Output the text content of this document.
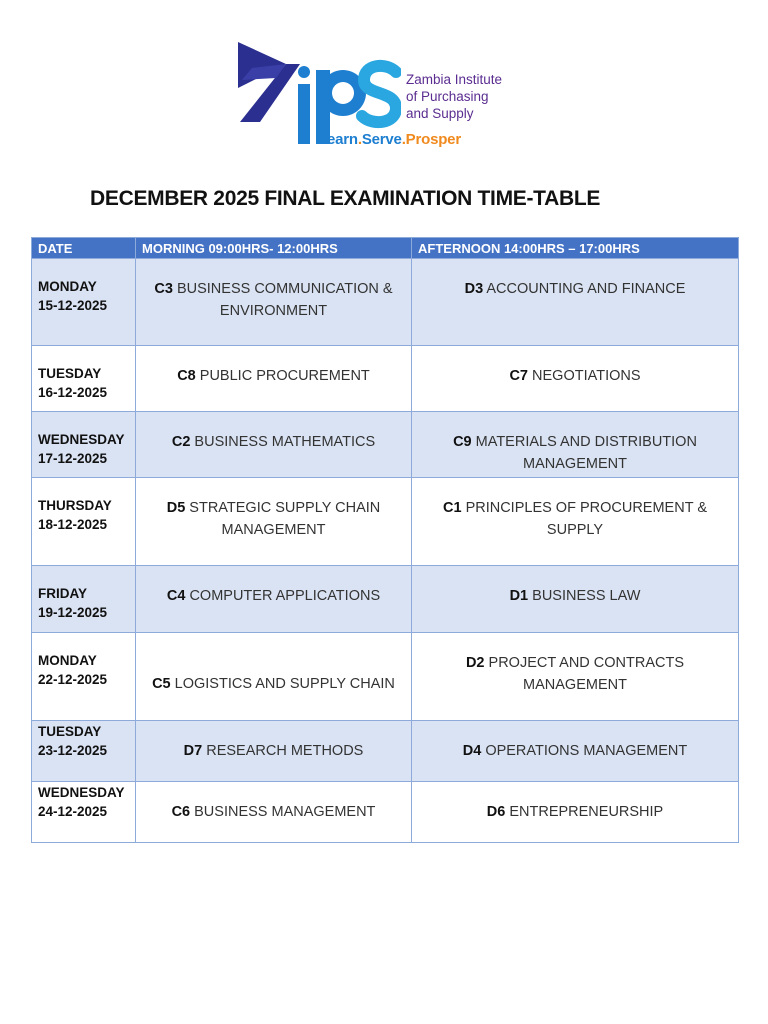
Zambia Institute
of Purchasing
and Supply
Learn.Serve.Prosper
DECEMBER 2025 FINAL EXAMINATION TIME-TABLE
DATE	MORNING 09:00HRS- 12:00HRS	AFTERNOON 14:00HRS – 17:00HRS

MONDAY
15-12-2025	C3 BUSINESS COMMUNICATION & ENVIRONMENT	D3 ACCOUNTING AND FINANCE

TUESDAY
16-12-2025	C8 PUBLIC PROCUREMENT	C7 NEGOTIATIONS

WEDNESDAY
17-12-2025	C2 BUSINESS MATHEMATICS	C9 MATERIALS AND DISTRIBUTION MANAGEMENT

THURSDAY
18-12-2025	D5 STRATEGIC SUPPLY CHAIN MANAGEMENT	C1 PRINCIPLES OF PROCUREMENT & SUPPLY

FRIDAY
19-12-2025	C4 COMPUTER APPLICATIONS	D1 BUSINESS LAW

MONDAY
22-12-2025	C5 LOGISTICS AND SUPPLY CHAIN	D2 PROJECT AND CONTRACTS MANAGEMENT

TUESDAY
23-12-2025	D7 RESEARCH METHODS	D4 OPERATIONS MANAGEMENT

WEDNESDAY
24-12-2025	C6 BUSINESS MANAGEMENT	D6 ENTREPRENEURSHIP
